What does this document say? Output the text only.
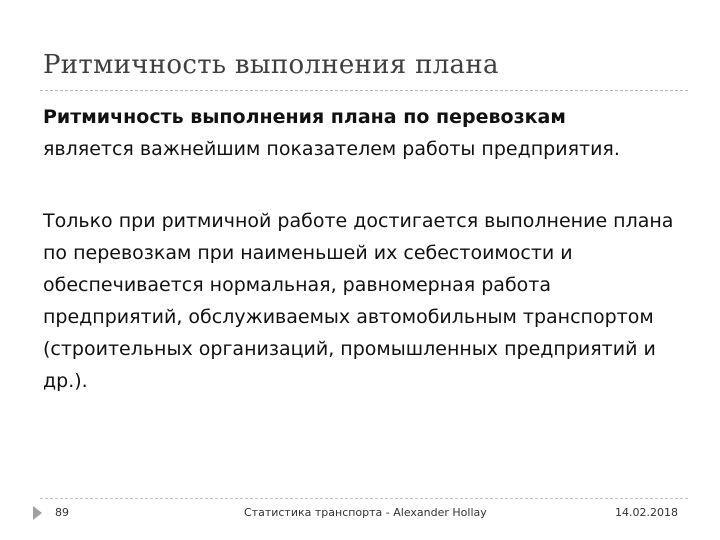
Ритмичность выполнения плана
Ритмичность выполнения плана по перевозкам
является важнейшим показателем работы предприятия.
Только при ритмичной работе достигается выполнение плана по перевозкам при наименьшей их себестоимости и обеспечивается нормальная, равномерная работа предприятий, обслуживаемых автомобильным транспортом (строительных организаций, промышленных предприятий и др.).
89	Статистика транспорта - Alexander Hollay	14.02.2018
